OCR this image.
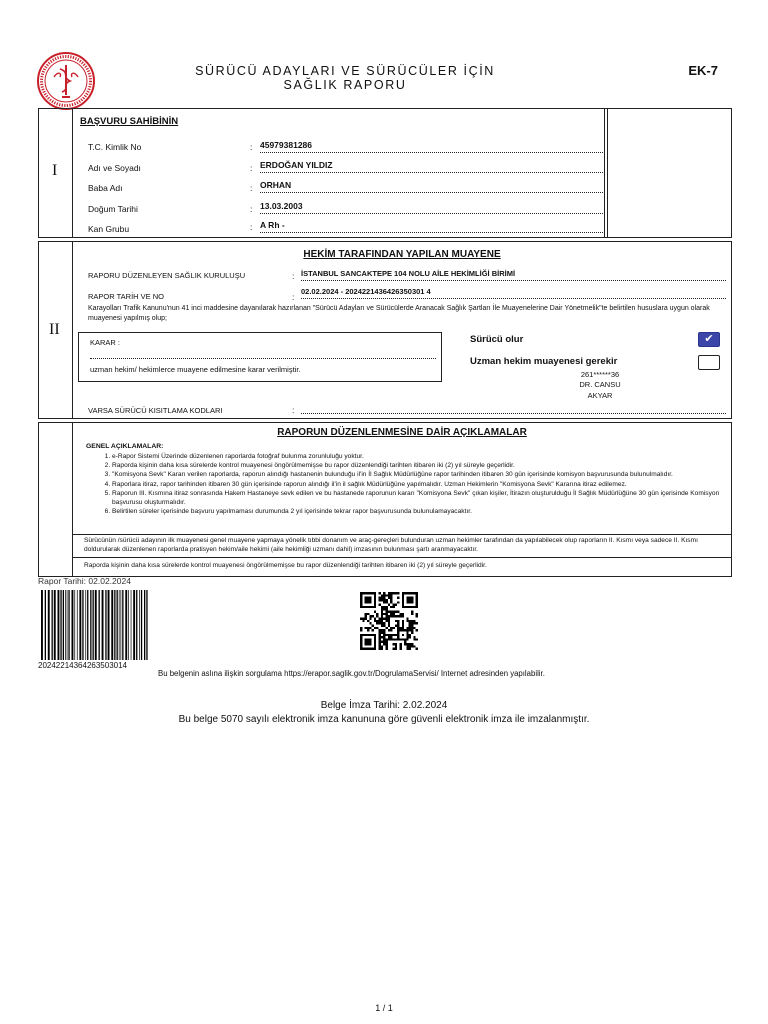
SÜRÜCÜ ADAYLARI VE SÜRÜCÜLER İÇİN
SAĞLIK RAPORU
EK-7
I
BAŞVURU SAHİBİNİN
T.C. Kimlik No	: 45979381286
Adı ve Soyadı	: ERDOĞAN YILDIZ
Baba Adı	: ORHAN
Doğum Tarihi	: 13.03.2003
Kan Grubu	: A Rh -
II
HEKİM TARAFINDAN YAPILAN MUAYENE
RAPORU DÜZENLEYEN SAĞLIK KURULUŞU	: İSTANBUL SANCAKTEPE 104 NOLU AİLE HEKİMLİĞİ BİRİMİ
RAPOR TARİH VE NO	:
02.02.2024 - 2024221436426350301 4
Karayolları Trafik Kanunu'nun 41 inci maddesine dayanılarak hazırlanan "Sürücü Adayları ve Sürücülerde Aranacak Sağlık Şartları İle Muayenelerine Dair Yönetmelik"te belirtilen hususlara uygun olarak muayenesi yapılmış olup;
KARAR :
uzman hekim/ hekimlerce muayene edilmesine karar verilmiştir.
Sürücü olur	✔
Uzman hekim muayenesi gerekir
261******36
DR. CANSU
AKYAR
VARSA SÜRÜCÜ KISITLAMA KODLARI	:
RAPORUN DÜZENLENMESİNE DAİR AÇIKLAMALAR
GENEL AÇIKLAMALAR:
1. e-Rapor Sistemi Üzerinde düzenlenen raporlarda fotoğraf bulunma zorunluluğu yoktur.
2. Raporda kişinin daha kısa sürelerde kontrol muayenesi öngörülmemişse bu rapor düzenlendiği tarihten itibaren iki (2) yıl süreyle geçerlidir.
3. "Komisyona Sevk" Kararı verilen raporlarda, raporun alındığı hastanenin bulunduğu il'in İl Sağlık Müdürlüğüne rapor tarihinden itibaren 30 gün içerisinde komisyon başvurusunda bulunulmalıdır.
4. Raporlara itiraz, rapor tarihinden itibaren 30 gün içerisinde raporun alındığı il'in il sağlık Müdürlüğüne yapılmalıdır. Uzman Hekimlerin "Komisyona Sevk" Kararına itiraz edilemez.
5. Raporun III. Kısmına itiraz sonrasında Hakem Hastaneye sevk edilen ve bu hastanede raporunun kararı "Komisyona Sevk" çıkan kişiler, İtirazın oluşturulduğu İl Sağlık Müdürlüğüne 30 gün içerisinde Komisyon başvurusu oluşturmalıdır.
6. Belirtilen süreler içerisinde başvuru yapılmaması durumunda 2 yıl içerisinde tekrar rapor başvurusunda bulunulamayacaktır.
Sürücünün /sürücü adayının ilk muayenesi genel muayene yapmaya yönelik tıbbi donanım ve araç-gereçleri bulunduran uzman hekimler tarafından da yapılabilecek olup raporların II. Kısmı veya sadece II. Kısmı doldurularak düzenlenen raporlarda pratisyen hekim/aile hekimi (aile hekimliği uzmanı dahil) imzasının bulunması şartı aranmayacaktır.
Raporda kişinin daha kısa sürelerde kontrol muayenesi öngörülmemişse bu rapor düzenlendiği tarihten itibaren iki (2) yıl süreyle geçerlidir.
Rapor Tarihi: 02.02.2024
20242214364263503014
Bu belgenin aslına ilişkin sorgulama https://erapor.saglik.gov.tr/DogrulamaServisi/ Internet adresinden yapılabilir.
Belge İmza Tarihi: 2.02.2024
Bu belge 5070 sayılı elektronik imza kanununa göre güvenli elektronik imza ile imzalanmıştır.
1 / 1
